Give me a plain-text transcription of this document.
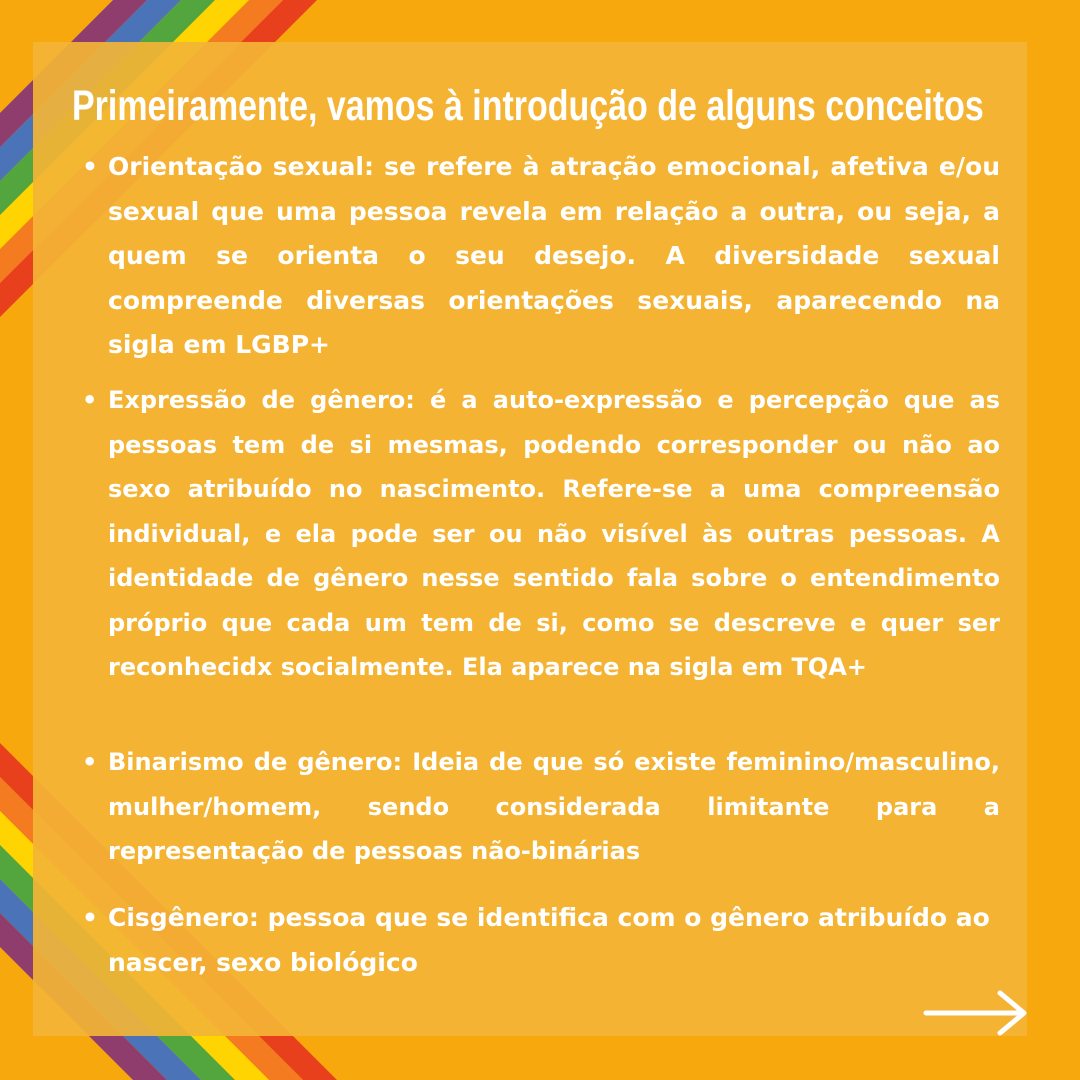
Primeiramente, vamos à introdução de alguns conceitos

• Orientação sexual: se refere à atração emocional, afetiva e/ou sexual que uma pessoa revela em relação a outra, ou seja, a quem se orienta o seu desejo. A diversidade sexual compreende diversas orientações sexuais, aparecendo na sigla em LGBP+

• Expressão de gênero: é a auto-expressão e percepção que as pessoas tem de si mesmas, podendo corresponder ou não ao sexo atribuído no nascimento. Refere-se a uma compreensão individual, e ela pode ser ou não visível às outras pessoas. A identidade de gênero nesse sentido fala sobre o entendimento próprio que cada um tem de si, como se descreve e quer ser reconhecidx socialmente. Ela aparece na sigla em TQA+

• Binarismo de gênero: Ideia de que só existe feminino/masculino, mulher/homem, sendo considerada limitante para a representação de pessoas não-binárias

• Cisgênero: pessoa que se identifica com o gênero atribuído ao nascer, sexo biológico
